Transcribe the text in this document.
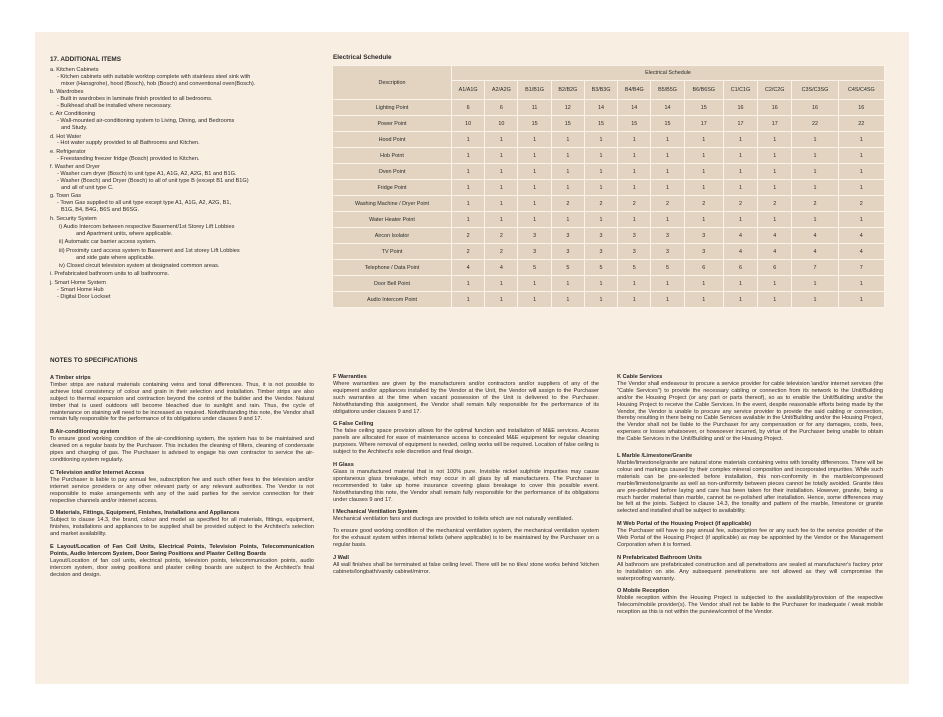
17. ADDITIONAL ITEMS
a. Kitchen Cabinets
- Kitchen cabinets with suitable worktop complete with stainless steel sink with
mixer (Hansgrohe), hood (Bosch), hob (Bosch) and conventional oven(Bosch).
b. Wardrobes
- Built in wardrobes in laminate finish provided to all bedrooms.
- Bulkhead shall be installed where necessary.
c. Air Conditioning
- Wall-mounted air-conditioning system to Living, Dining, and Bedrooms
and Study.
d. Hot Water
- Hot water supply provided to all Bathrooms and Kitchen.
e. Refrigerator
- Freestanding freezer fridge (Bosch) provided to Kitchen.
f. Washer and Dryer
- Washer cum dryer (Bosch) to unit type A1, A1G, A2, A2G, B1 and B1G.
- Washer (Bosch) and Dryer (Bosch) to all of unit type B (except B1 and B1G)
and all of unit type C.
g. Town Gas
- Town Gas supplied to all unit type except type A1, A1G, A2, A2G, B1,
B1G, B4, B4G, B6S and B6SG.
h. Security System
i) Audio Intercom between respective Basement/1st Storey Lift Lobbies
and Apartment units, where applicable.
ii) Automatic car barrier access system.
iii) Proximity card access system to Basement and 1st storey Lift Lobbies
and side gate where applicable.
iv) Closed circuit television system at designated common areas.
i. Prefabricated bathroom units to all bathrooms.
j. Smart Home System
- Smart Home Hub
- Digital Door Lockset
Electrical Schedule
Description	Electrical Schedule											
	A1/A1G	A2/A2G	B1/B1G	B2/B2G	B3/B3G	B4/B4G	B5/B5G	B6/B6SG	C1/C1G	C2/C2G	C3S/C3SG	C4S/C4SG
Lighting Point	6	6	11	12	14	14	14	15	16	16	16	16
Power Point	10	10	15	15	15	15	15	17	17	17	22	22
Hood Point	1	1	1	1	1	1	1	1	1	1	1	1
Hob Point	1	1	1	1	1	1	1	1	1	1	1	1
Oven Point	1	1	1	1	1	1	1	1	1	1	1	1
Fridge Point	1	1	1	1	1	1	1	1	1	1	1	1
Washing Machine / Dryer Point	1	1	1	2	2	2	2	2	2	2	2	2
Water Heater Point	1	1	1	1	1	1	1	1	1	1	1	1
Aircon Isolator	2	2	3	3	3	3	3	3	4	4	4	4
TV Point	2	2	3	3	3	3	3	3	4	4	4	4
Telephone / Data Point	4	4	5	5	5	5	5	6	6	6	7	7
Door Bell Point	1	1	1	1	1	1	1	1	1	1	1	1
Audio Intercom Point	1	1	1	1	1	1	1	1	1	1	1	1
NOTES TO SPECIFICATIONS
A Timber strips
Timber strips are natural materials containing veins and tonal differences. Thus, it is not possible to achieve total consistency of colour and grain in their selection and installation. Timber strips are also subject to thermal expansion and contraction beyond the control of the builder and the Vendor. Natural timber that is used outdoors will become bleached due to sunlight and rain. Thus, the cycle of maintenance on staining will need to be increased as required. Notwithstanding this note, the Vendor shall remain fully responsible for the performance of its obligations under clauses 9 and 17.
B Air-conditioning system
To ensure good working condition of the air-conditioning system, the system has to be maintained and cleaned on a regular basis by the Purchaser. This includes the cleaning of filters, cleaning of condensate pipes and charging of gas. The Purchaser is advised to engage his own contractor to service the air-conditioning system regularly.
C Television and/or Internet Access
The Purchaser is liable to pay annual fee, subscription fee and such other fees to the television and/or internet service providers or any other relevant party or any relevant authorities. The Vendor is not responsible to make arrangements with any of the said parties for the service connection for their respective channels and/or internet access.
D Materials, Fittings, Equipment, Finishes, Installations and Appliances
Subject to clause 14.3, the brand, colour and model as specified for all materials, fittings, equipment, finishes, installations and appliances to be supplied shall be provided subject to the Architect's selection and market availability.
E Layout/Location of Fan Coil Units, Electrical Points, Television Points, Telecommunication Points, Audio Intercom System, Door Swing Positions and Plaster Ceiling Boards
Layout/Location of fan coil units, electrical points, television points, telecommunication points, audio intercom system, door swing positions and plaster ceiling boards are subject to the Architect's final decision and design.
F Warranties
Where warranties are given by the manufacturers and/or contractors and/or suppliers of any of the equipment and/or appliances installed by the Vendor at the Unit, the Vendor will assign to the Purchaser such warranties at the time when vacant possession of the Unit is delivered to the Purchaser. Notwithstanding this assignment, the Vendor shall remain fully responsible for the performance of its obligations under clauses 9 and 17.
G False Ceiling
The false ceiling space provision allows for the optimal function and installation of M&E services. Access panels are allocated for ease of maintenance access to concealed M&E equipment for regular cleaning purposes. Where removal of equipment is needed, ceiling works will be required. Location of false ceiling is subject to the Architect's sole discretion and final design.
H Glass
Glass is manufactured material that is not 100% pure. Invisible nickel sulphide impurities may cause spontaneous glass breakage, which may occur in all glass by all manufacturers. The Purchaser is recommended to take up home insurance covering glass breakage to cover this possible event. Notwithstanding this note, the Vendor shall remain fully responsible for the performance of its obligations under clauses 9 and 17.
I Mechanical Ventilation System
Mechanical ventilation fans and ductings are provided to toilets which are not naturally ventilated.
To ensure good working condition of the mechanical ventilation system, the mechanical ventilation system for the exhaust system within internal toilets (where applicable) is to be maintained by the Purchaser on a regular basis.
J Wall
All wall finishes shall be terminated at false ceiling level. There will be no tiles/ stone works behind 'kitchen cabinets/longbath/vanity cabinet/mirror.
K Cable Services
The Vendor shall endeavour to procure a service provider for cable television \and/or internet services (the "Cable Services") to provide the necessary cabling or connection from its network to the Unit/Building and/or the Housing Project (or any part or parts thereof), so as to enable the Unit/Building and/or the Housing Project to receive the Cable Services. In the event, despite reasonable efforts being made by the Vendor, the Vendor is unable to procure any service provider to provide the said cabling or connection, thereby resulting in there being no Cable Services available in the Unit/Building and/or the Housing Project, the Vendor shall not be liable to the Purchaser for any compensation or for any damages, costs, fees, expenses or losses whatsoever, or howsoever incurred, by virtue of the Purchaser being unable to obtain the Cable Services in the Unit/Building and/ or the Housing Project.
L Marble /Limestone/Granite
Marble/limestone/granite are natural stone materials containing veins with tonality differences. There will be colour and markings caused by their complex mineral composition and incorporated impurities. While such materials can be pre-selected before installation, this non-conformity in the marble/compressed marble/limestone/granite as well as non-uniformity between pieces cannot be totally avoided. Granite tiles are pre-polished before laying and care has been taken for their installation. However, granite, being a much harder material than marble, cannot be re-polished after installation. Hence, some differences may be felt at the joints. Subject to clause 14.3, the tonality and pattern of the marble, limestone or granite selected and installed shall be subject to availability.
M Web Portal of the Housing Project (if applicable)
The Purchaser will have to pay annual fee, subscription fee or any such fee to the service provider of the Web Portal of the Housing Project (if applicable) as may be appointed by the Vendor or the Management Corporation when it is formed.
N Prefabricated Bathroom Units
All bathroom are prefabricated construction and all penetrations are sealed at manufacturer's factory prior to installation on site. Any subsequent penetrations are not allowed as they will compromise the waterproofing warranty.
O Mobile Reception
Mobile reception within the Housing Project is subjected to the availability/provision of the respective Telecom/mobile provider(s). The Vendor shall not be liable to the Purchaser for inadequate / weak mobile reception as this is not within the purview/control of the Vendor.
